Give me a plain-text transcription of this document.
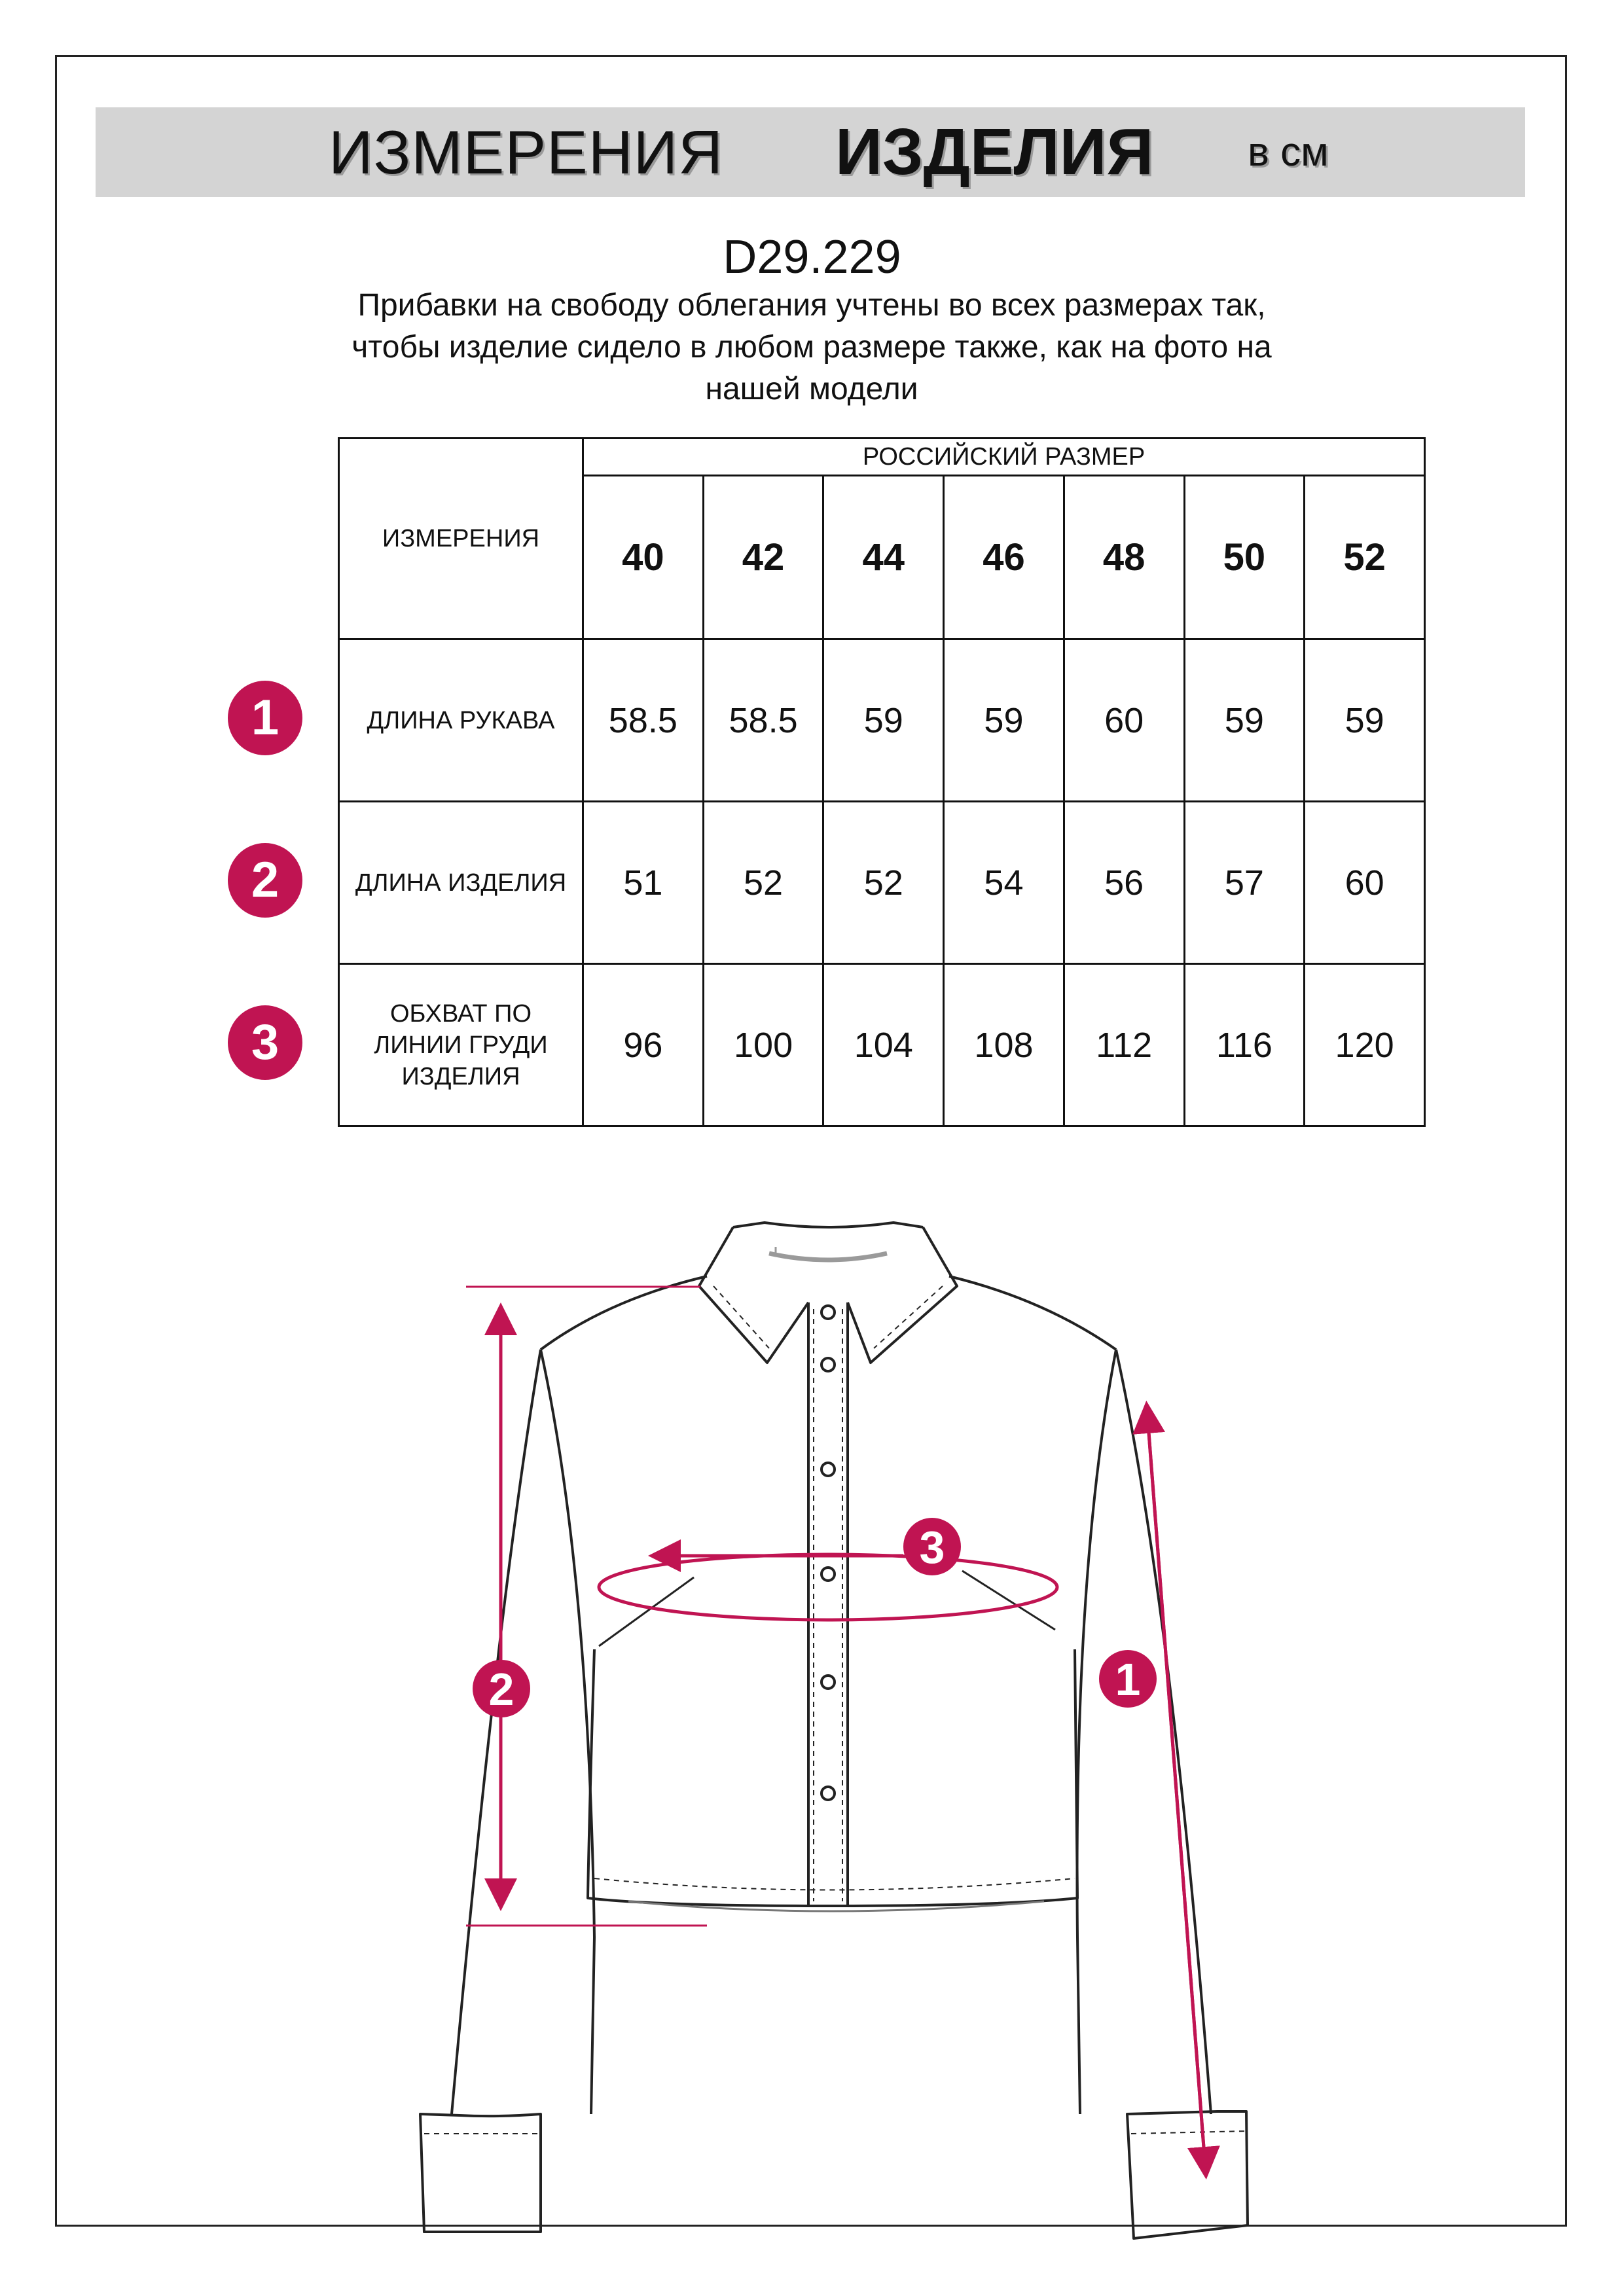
ИЗМЕРЕНИЯ ИЗДЕЛИЯ в см
D29.229
Прибавки на свободу облегания учтены во всех размерах так,
чтобы изделие сидело в любом размере также, как на фото на
нашей модели
ИЗМЕРЕНИЯ	РОССИЙСКИЙ РАЗМЕР						
	40	42	44	46	48	50	52
ДЛИНА РУКАВА	58.5	58.5	59	59	60	59	59
ДЛИНА ИЗДЕЛИЯ	51	52	52	54	56	57	60
ОБХВАТ ПО ЛИНИИ ГРУДИ ИЗДЕЛИЯ	96	100	104	108	112	116	120
1
2
3
2
3
1
